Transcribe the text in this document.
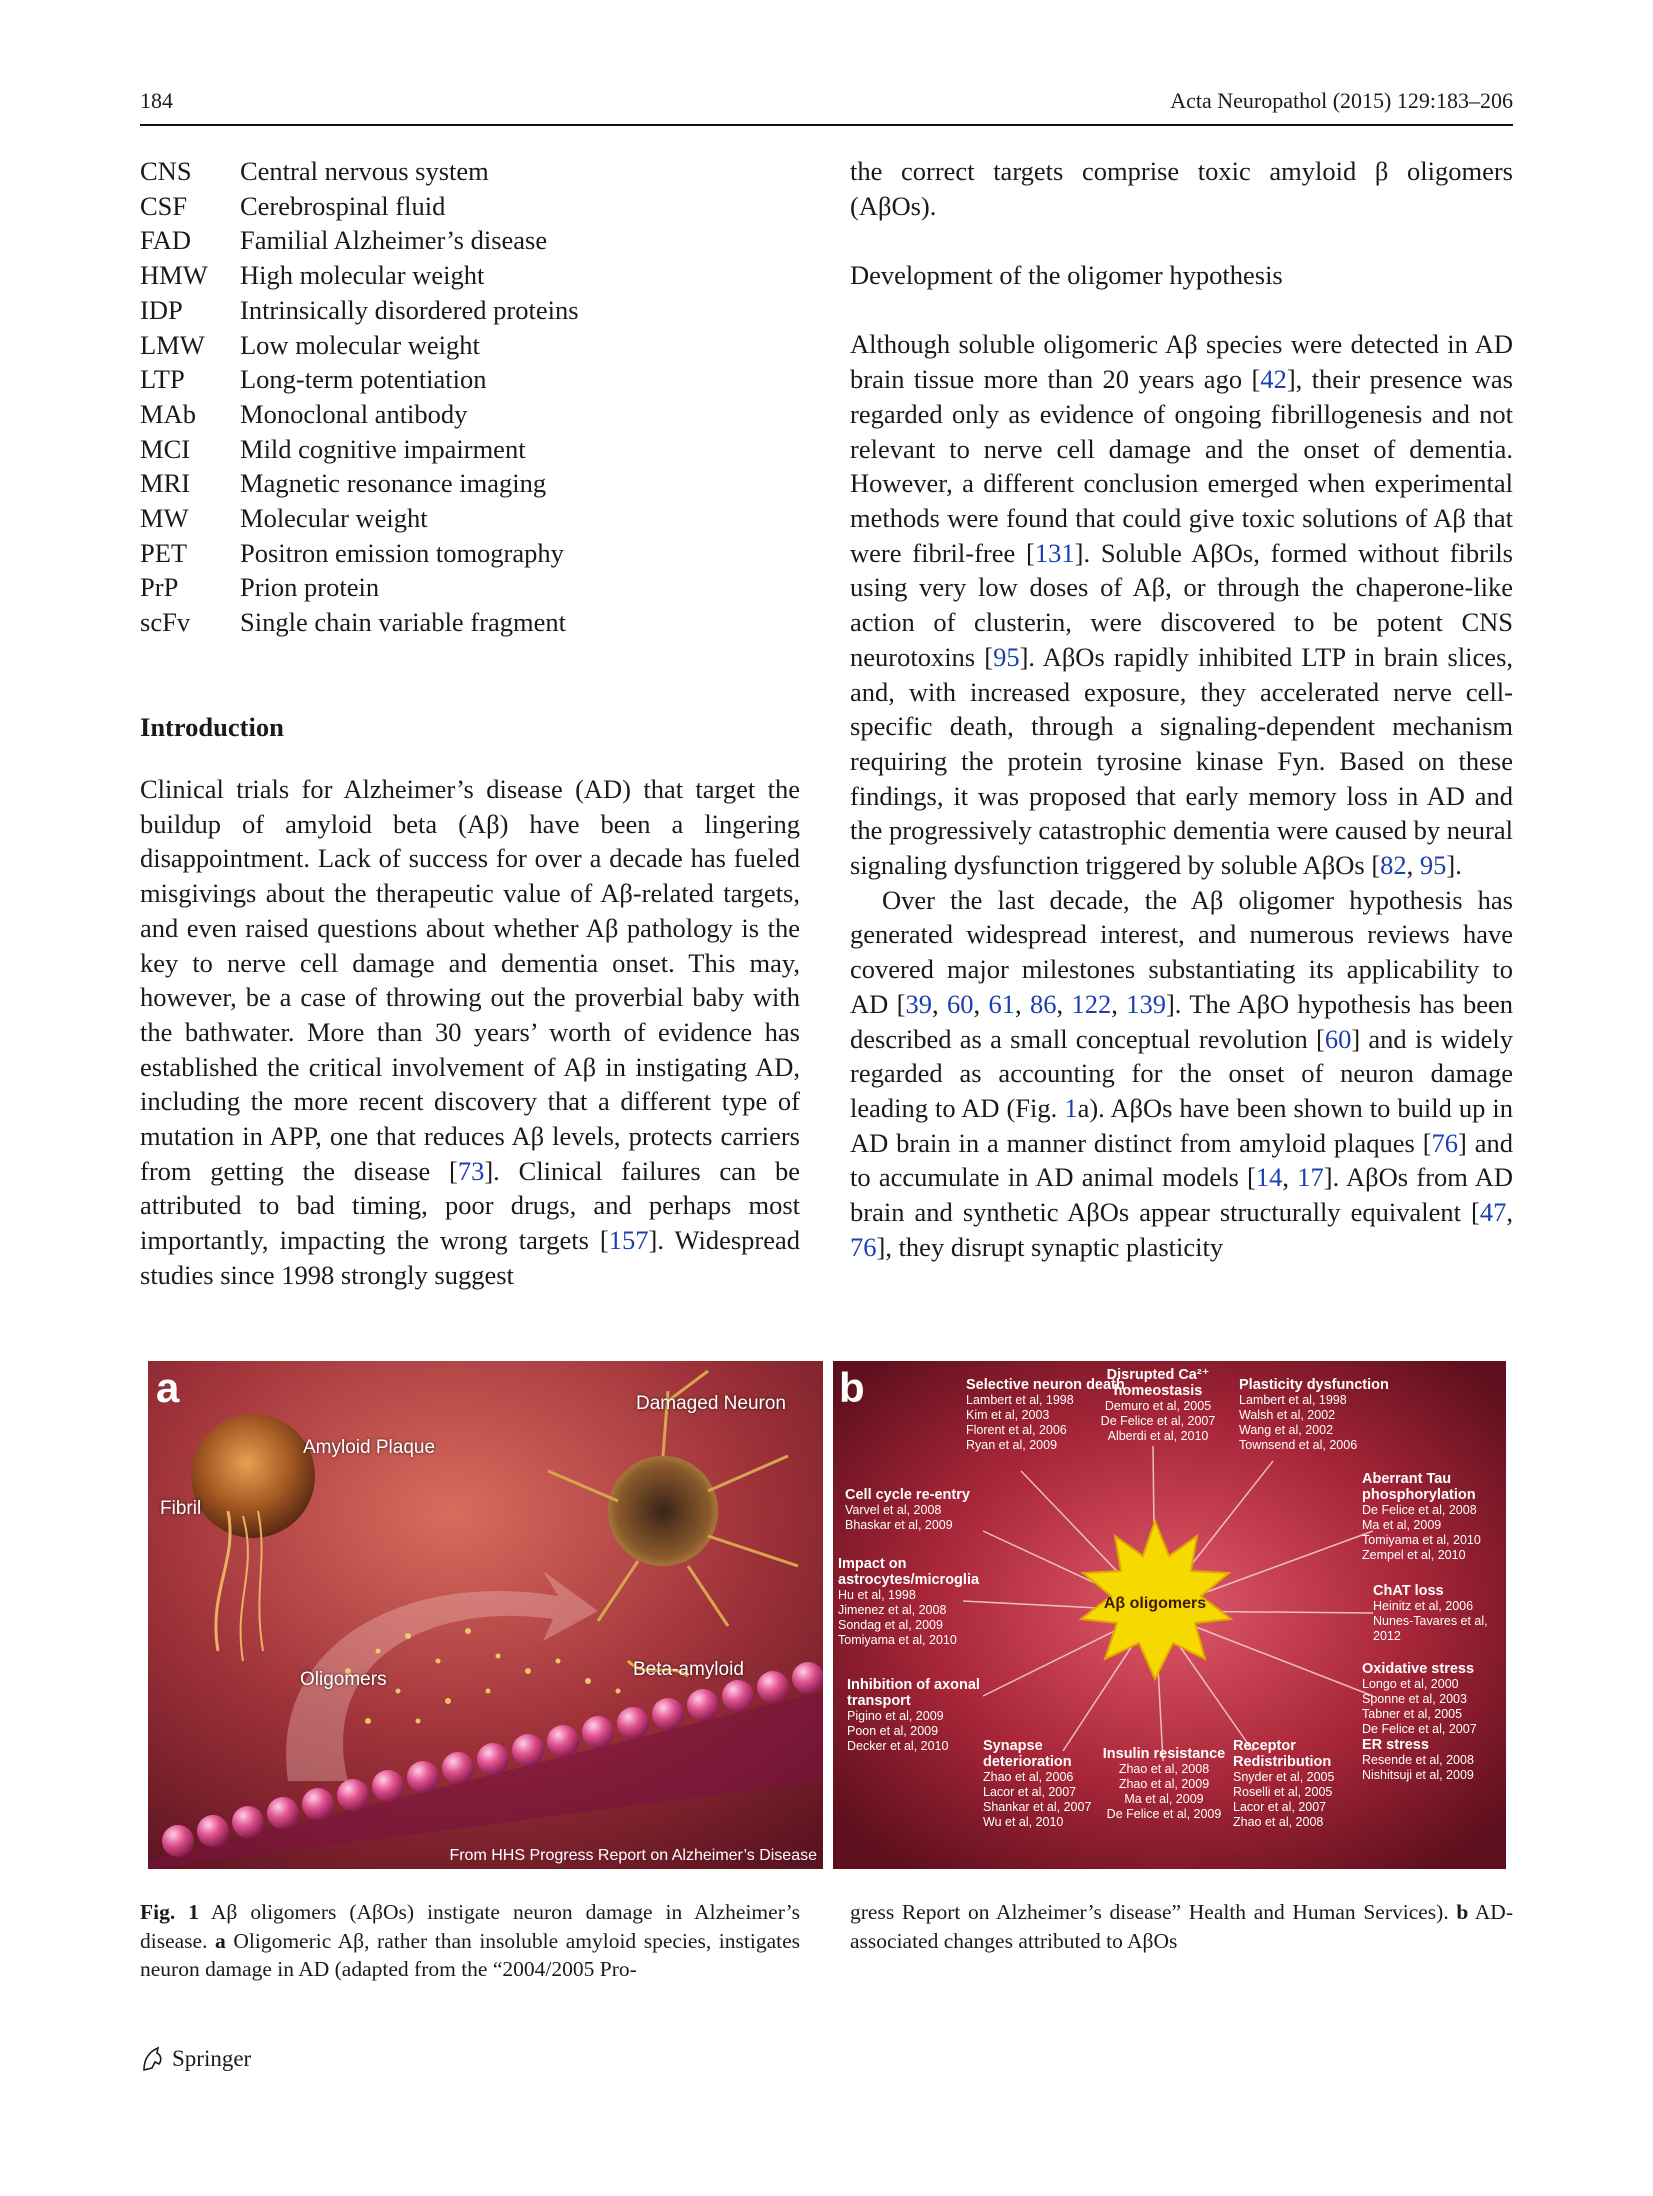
184	Acta Neuropathol (2015) 129:183–206
CNS	Central nervous system
CSF	Cerebrospinal fluid
FAD	Familial Alzheimer’s disease
HMW	High molecular weight
IDP	Intrinsically disordered proteins
LMW	Low molecular weight
LTP	Long-term potentiation
MAb	Monoclonal antibody
MCI	Mild cognitive impairment
MRI	Magnetic resonance imaging
MW	Molecular weight
PET	Positron emission tomography
PrP	Prion protein
scFv	Single chain variable fragment
Introduction

Clinical trials for Alzheimer’s disease (AD) that target the buildup of amyloid beta (Aβ) have been a lingering disappointment. Lack of success for over a decade has fueled misgivings about the therapeutic value of Aβ-related targets, and even raised questions about whether Aβ pathology is the key to nerve cell damage and dementia onset. This may, however, be a case of throwing out the proverbial baby with the bathwater. More than 30 years’ worth of evidence has established the critical involvement of Aβ in instigating AD, including the more recent discovery that a different type of mutation in APP, one that reduces Aβ levels, protects carriers from getting the disease [73]. Clinical failures can be attributed to bad timing, poor drugs, and perhaps most importantly, impacting the wrong targets [157]. Widespread studies since 1998 strongly suggest

the correct targets comprise toxic amyloid β oligomers (AβOs).

Development of the oligomer hypothesis

Although soluble oligomeric Aβ species were detected in AD brain tissue more than 20 years ago [42], their presence was regarded only as evidence of ongoing fibrillogenesis and not relevant to nerve cell damage and the onset of dementia. However, a different conclusion emerged when experimental methods were found that could give toxic solutions of Aβ that were fibril-free [131]. Soluble AβOs, formed without fibrils using very low doses of Aβ, or through the chaperone-like action of clusterin, were discovered to be potent CNS neurotoxins [95]. AβOs rapidly inhibited LTP in brain slices, and, with increased exposure, they accelerated nerve cell-specific death, through a signaling-dependent mechanism requiring the protein tyrosine kinase Fyn. Based on these findings, it was proposed that early memory loss in AD and the progressively catastrophic dementia were caused by neural signaling dysfunction triggered by soluble AβOs [82, 95].

Over the last decade, the Aβ oligomer hypothesis has generated widespread interest, and numerous reviews have covered major milestones substantiating its applicability to AD [39, 60, 61, 86, 122, 139]. The AβO hypothesis has been described as a small conceptual revolution [60] and is widely regarded as accounting for the onset of neuron damage leading to AD (Fig. 1a). AβOs have been shown to build up in AD brain in a manner distinct from amyloid plaques [76] and to accumulate in AD animal models [14, 17]. AβOs from AD brain and synthetic AβOs appear structurally equivalent [47, 76], they disrupt synaptic plasticity

a
Fibril
Amyloid Plaque
Damaged Neuron
Oligomers	Beta-amyloid
From HHS Progress Report on Alzheimer’s Disease
b
Aβ oligomers
Selective neuron death
Lambert et al, 1998
Kim et al, 2003
Florent et al, 2006
Ryan et al, 2009
Disrupted Ca²⁺ homeostasis
Demuro et al, 2005
De Felice et al, 2007
Alberdi et al, 2010
Plasticity dysfunction
Lambert et al, 1998
Walsh et al, 2002
Wang et al, 2002
Townsend et al, 2006
Cell cycle re-entry
Varvel et al, 2008
Bhaskar et al, 2009
Aberrant Tau phosphorylation
De Felice et al, 2008
Ma et al, 2009
Tomiyama et al, 2010
Zempel et al, 2010
Impact on astrocytes/microglia
Hu et al, 1998
Jimenez et al, 2008
Sondag et al, 2009
Tomiyama et al, 2010
ChAT loss
Heinitz et al, 2006
Nunes-Tavares et al, 2012
Inhibition of axonal transport
Pigino et al, 2009
Poon et al, 2009
Decker et al, 2010
Oxidative stress
Longo et al, 2000
Sponne et al, 2003
Tabner et al, 2005
De Felice et al, 2007
ER stress
Resende et al, 2008
Nishitsuji et al, 2009
Synapse deterioration
Zhao et al, 2006
Lacor et al, 2007
Shankar et al, 2007
Wu et al, 2010
Insulin resistance
Zhao et al, 2008
Zhao et al, 2009
Ma et al, 2009
De Felice et al, 2009
Receptor Redistribution
Snyder et al, 2005
Roselli et al, 2005
Lacor et al, 2007
Zhao et al, 2008
Fig. 1 Aβ oligomers (AβOs) instigate neuron damage in Alzheimer’s disease. a Oligomeric Aβ, rather than insoluble amyloid species, instigates neuron damage in AD (adapted from the “2004/2005 Pro-
gress Report on Alzheimer’s disease” Health and Human Services). b AD-associated changes attributed to AβOs
Springer
